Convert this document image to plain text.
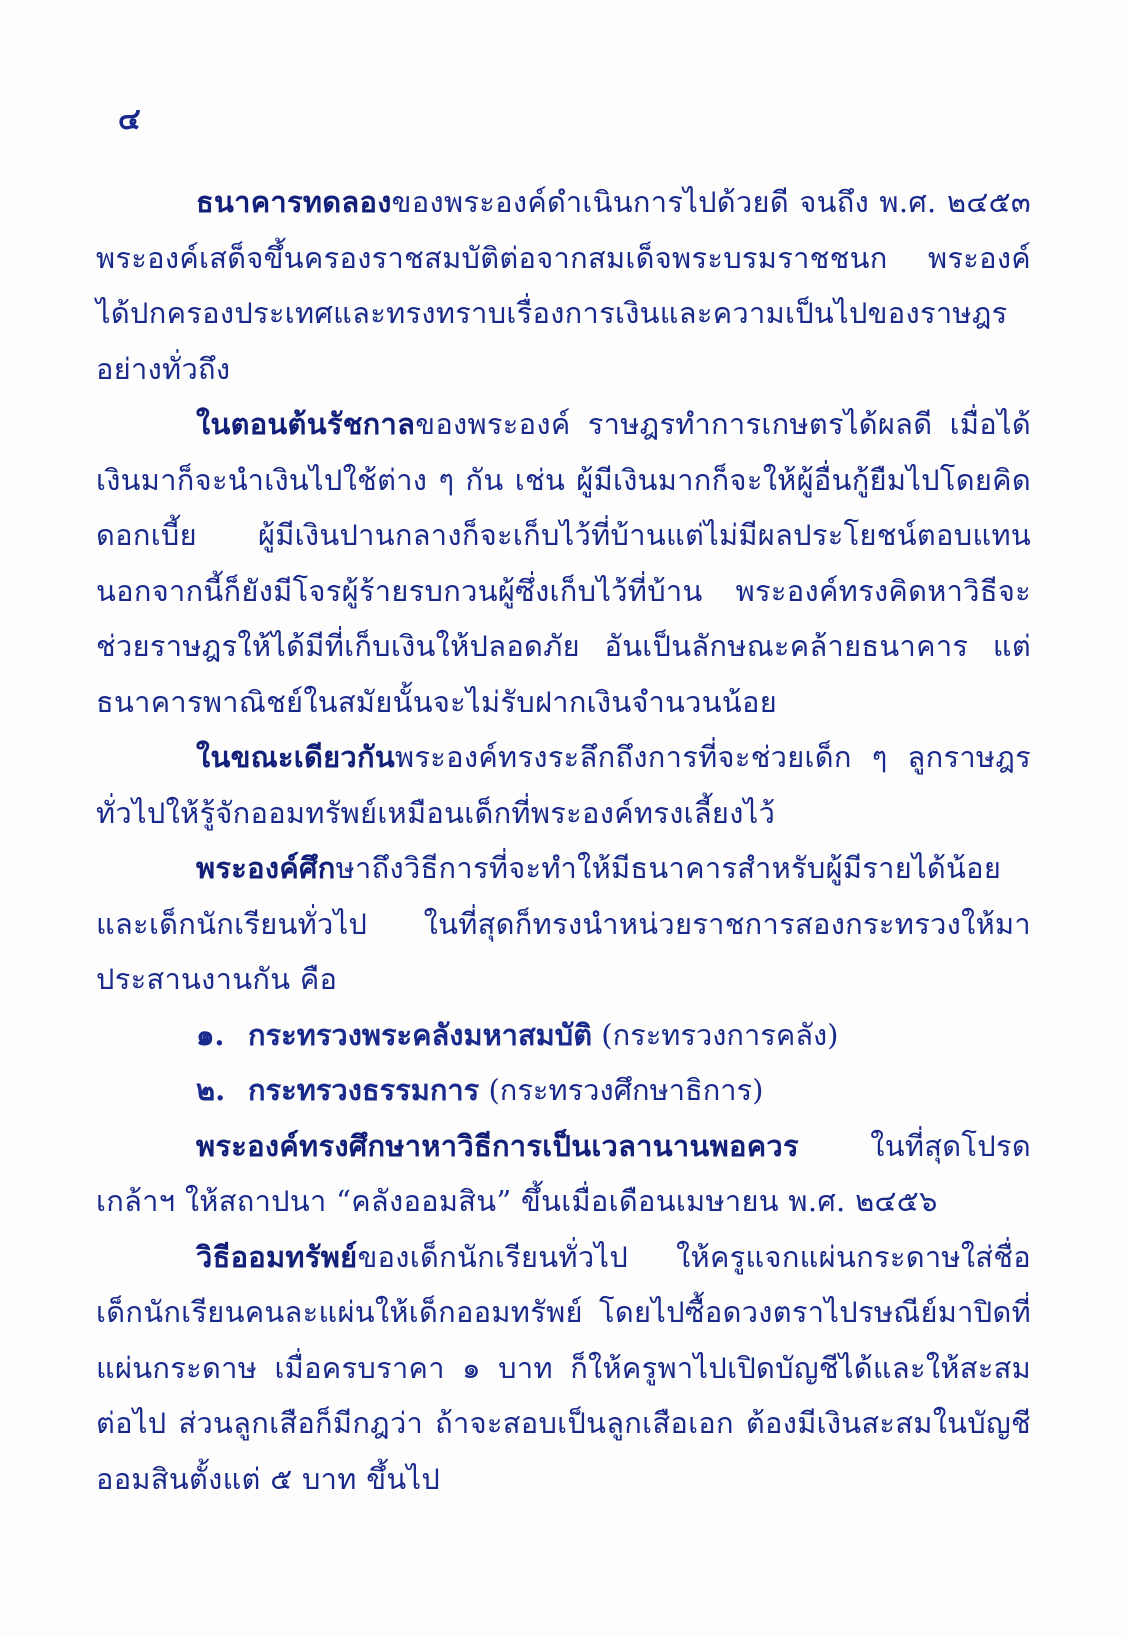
๔

ธนาคารทดลองของพระองค์ดำเนินการไปด้วยดี จนถึง พ.ศ. ๒๔๕๓ พระองค์เสด็จขึ้นครองราชสมบัติต่อจากสมเด็จพระบรมราชชนก พระองค์ได้ปกครองประเทศและทรงทราบเรื่องการเงินและความเป็นไปของราษฎรอย่างทั่วถึง

ในตอนต้นรัชกาลของพระองค์ ราษฎรทำการเกษตรได้ผลดี เมื่อได้เงินมาก็จะนำเงินไปใช้ต่าง ๆ กัน เช่น ผู้มีเงินมากก็จะให้ผู้อื่นกู้ยืมไปโดยคิดดอกเบี้ย ผู้มีเงินปานกลางก็จะเก็บไว้ที่บ้านแต่ไม่มีผลประโยชน์ตอบแทน นอกจากนี้ก็ยังมีโจรผู้ร้ายรบกวนผู้ซึ่งเก็บไว้ที่บ้าน พระองค์ทรงคิดหาวิธีจะช่วยราษฎรให้ได้มีที่เก็บเงินให้ปลอดภัย อันเป็นลักษณะคล้ายธนาคาร แต่ธนาคารพาณิชย์ในสมัยนั้นจะไม่รับฝากเงินจำนวนน้อย

ในขณะเดียวกันพระองค์ทรงระลึกถึงการที่จะช่วยเด็ก ๆ ลูกราษฎรทั่วไปให้รู้จักออมทรัพย์เหมือนเด็กที่พระองค์ทรงเลี้ยงไว้

พระองค์ศึกษาถึงวิธีการที่จะทำให้มีธนาคารสำหรับผู้มีรายได้น้อยและเด็กนักเรียนทั่วไป ในที่สุดก็ทรงนำหน่วยราชการสองกระทรวงให้มาประสานงานกัน คือ

๑. กระทรวงพระคลังมหาสมบัติ (กระทรวงการคลัง)
๒. กระทรวงธรรมการ (กระทรวงศึกษาธิการ)

พระองค์ทรงศึกษาหาวิธีการเป็นเวลานานพอควร ในที่สุดโปรดเกล้าฯ ให้สถาปนา “คลังออมสิน” ขึ้นเมื่อเดือนเมษายน พ.ศ. ๒๔๕๖

วิธีออมทรัพย์ของเด็กนักเรียนทั่วไป ให้ครูแจกแผ่นกระดาษใส่ชื่อเด็กนักเรียนคนละแผ่นให้เด็กออมทรัพย์ โดยไปซื้อดวงตราไปรษณีย์มาปิดที่แผ่นกระดาษ เมื่อครบราคา ๑ บาท ก็ให้ครูพาไปเปิดบัญชีได้และให้สะสมต่อไป ส่วนลูกเสือก็มีกฎว่า ถ้าจะสอบเป็นลูกเสือเอก ต้องมีเงินสะสมในบัญชีออมสินตั้งแต่ ๕ บาท ขึ้นไป
